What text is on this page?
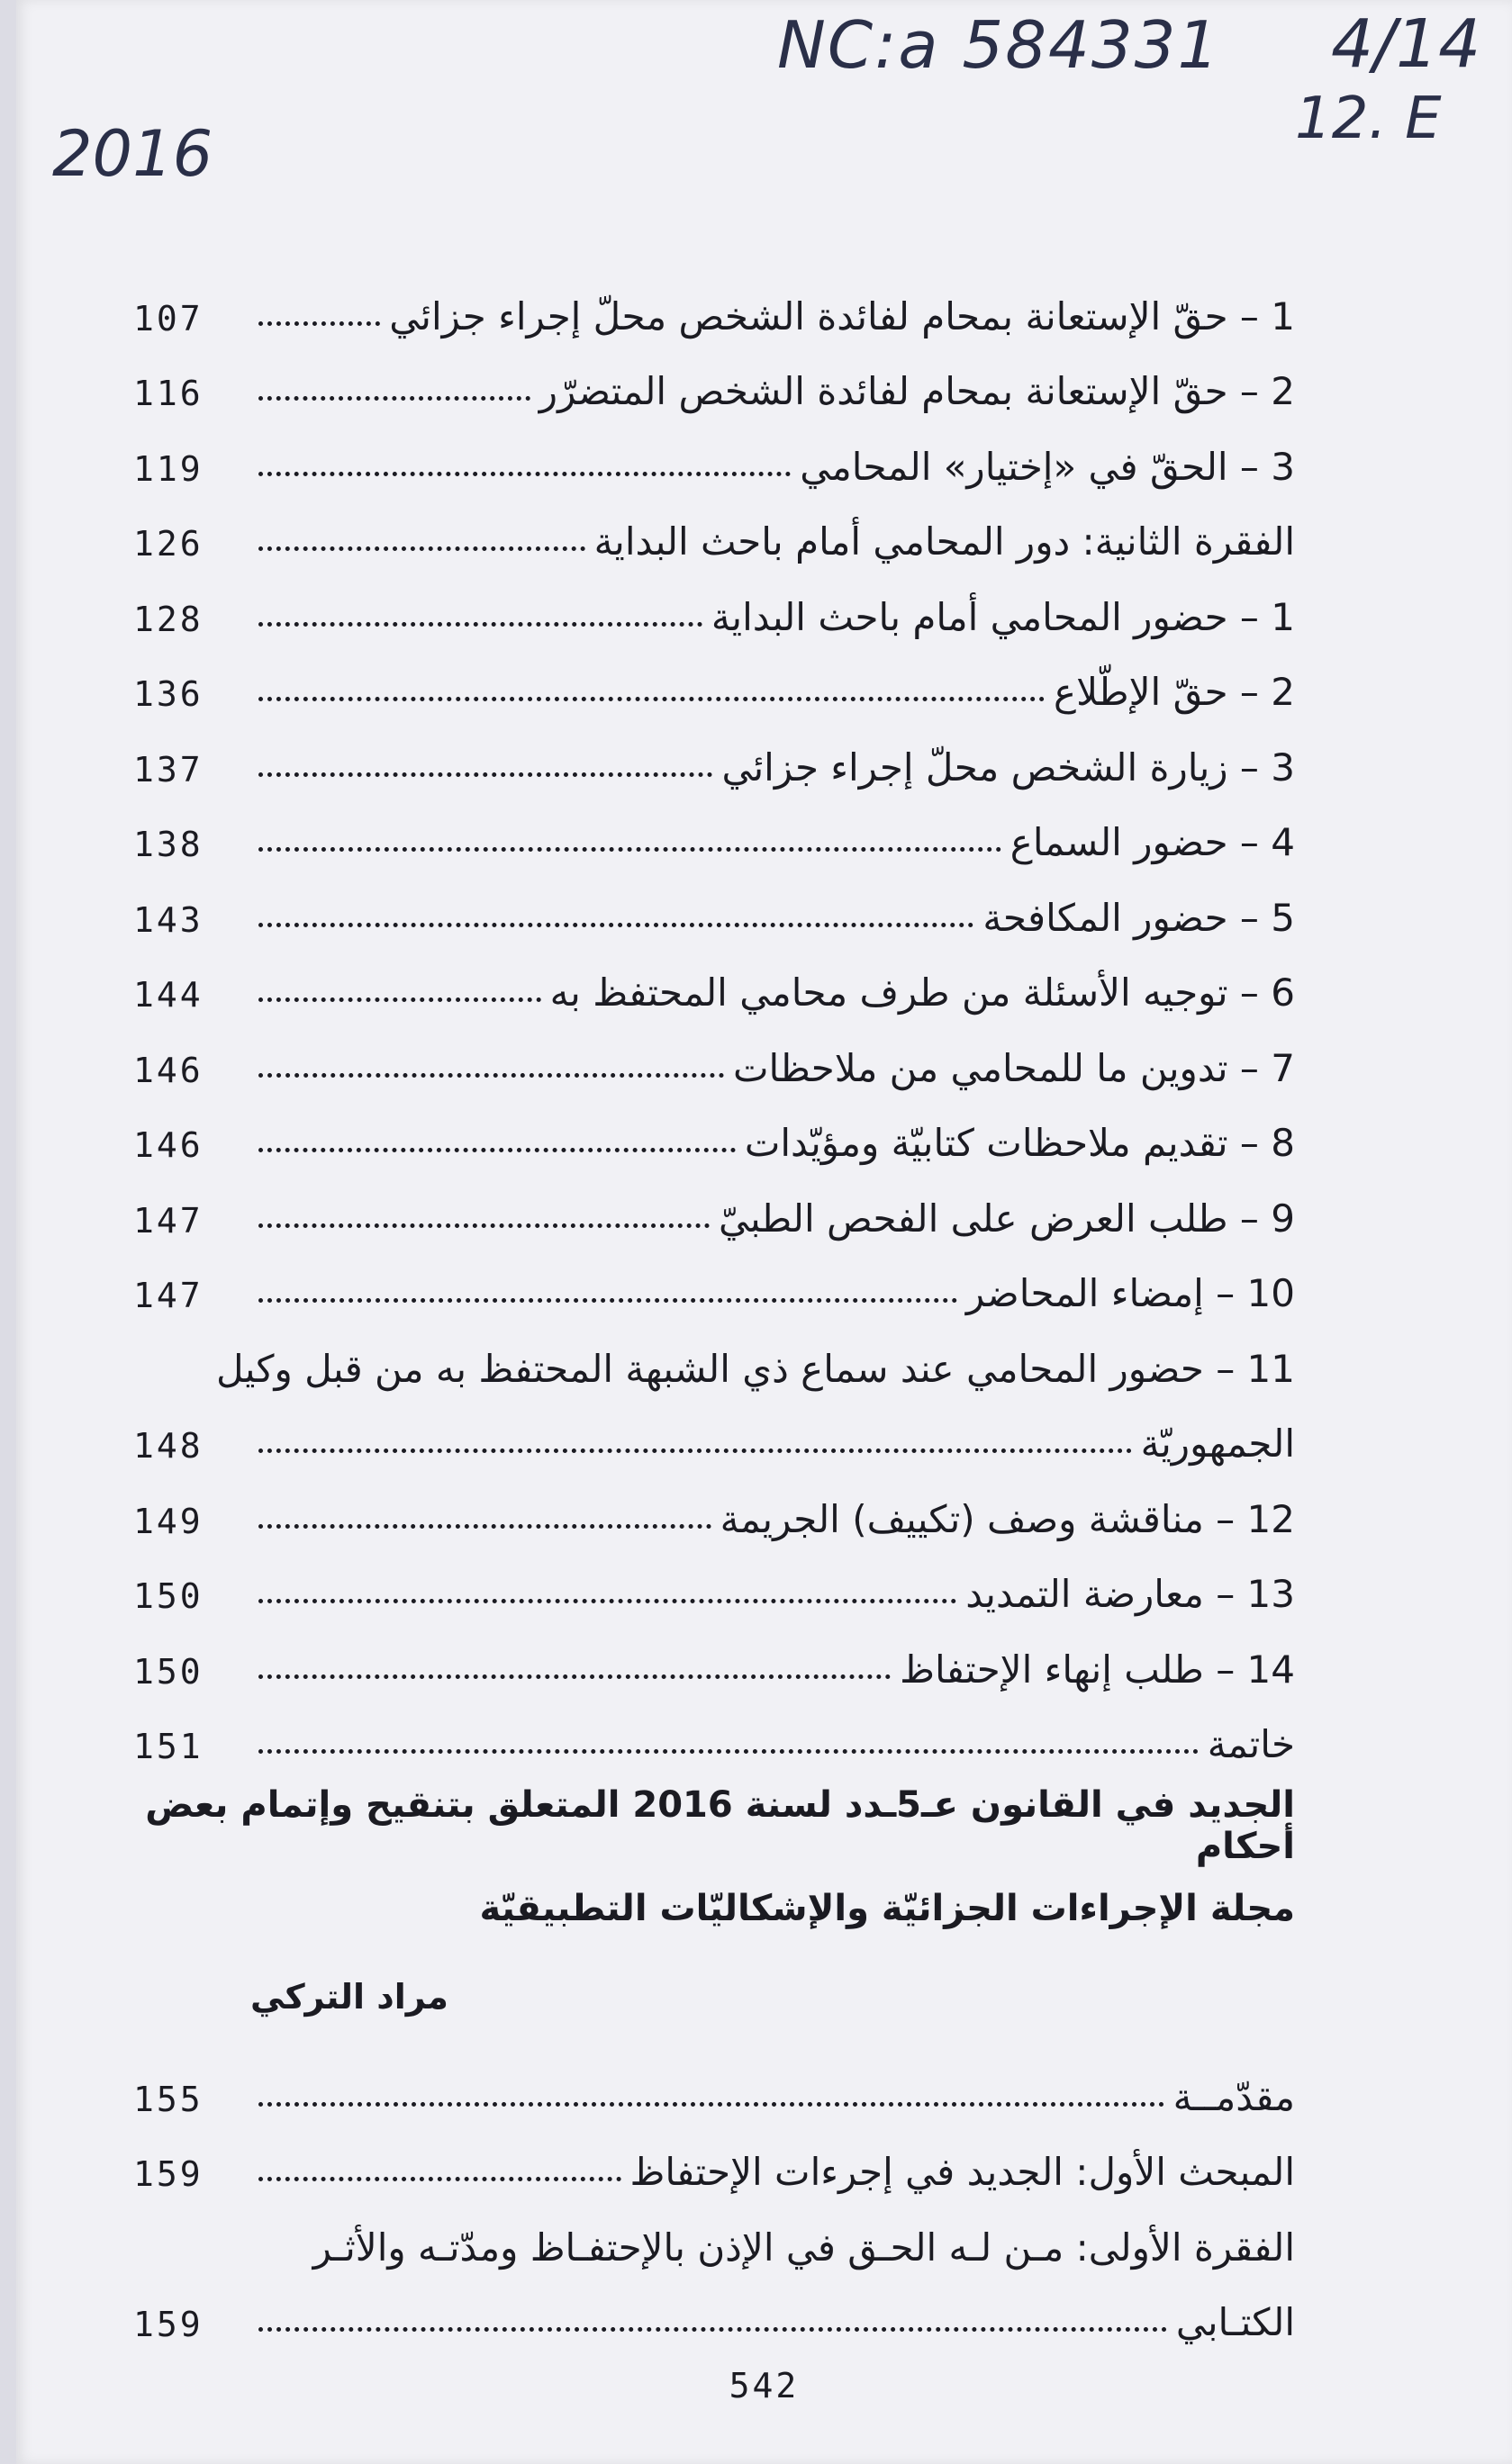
NC:a 584331
2016
4/14
12. E
1 – حقّ الإستعانة بمحام لفائدة الشخص محلّ إجراء جزائي
107
2 – حقّ الإستعانة بمحام لفائدة الشخص المتضرّر
116
3 – الحقّ في «إختيار» المحامي
119
الفقرة الثانية: دور المحامي أمام باحث البداية
126
1 – حضور المحامي أمام باحث البداية
128
2 – حقّ الإطّلاع
136
3 – زيارة الشخص محلّ إجراء جزائي
137
4 – حضور السماع
138
5 – حضور المكافحة
143
6 – توجيه الأسئلة من طرف محامي المحتفظ به
144
7 – تدوين ما للمحامي من ملاحظات
146
8 – تقديم ملاحظات كتابيّة ومؤيّدات
146
9 – طلب العرض على الفحص الطبيّ
147
10 – إمضاء المحاضر
147
11 – حضور المحامي عند سماع ذي الشبهة المحتفظ به من قبل وكيل
الجمهوريّة
148
12 – مناقشة وصف (تكييف) الجريمة
149
13 – معارضة التمديد
150
14 – طلب إنهاء الإحتفاظ
150
خاتمة
151
الجديد في القانون عـ5ـدد لسنة 2016 المتعلق بتنقيح وإتمام بعض أحكام
مجلة الإجراءات الجزائيّة والإشكاليّات التطبيقيّة
مراد التركي
مقدّمــة
155
المبحث الأول: الجديد في إجرءات الإحتفاظ
159
الفقرة الأولى: مـن لـه الحـق في الإذن بالإحتفـاظ ومدّتـه والأثـر
الكتـابي
159
542
